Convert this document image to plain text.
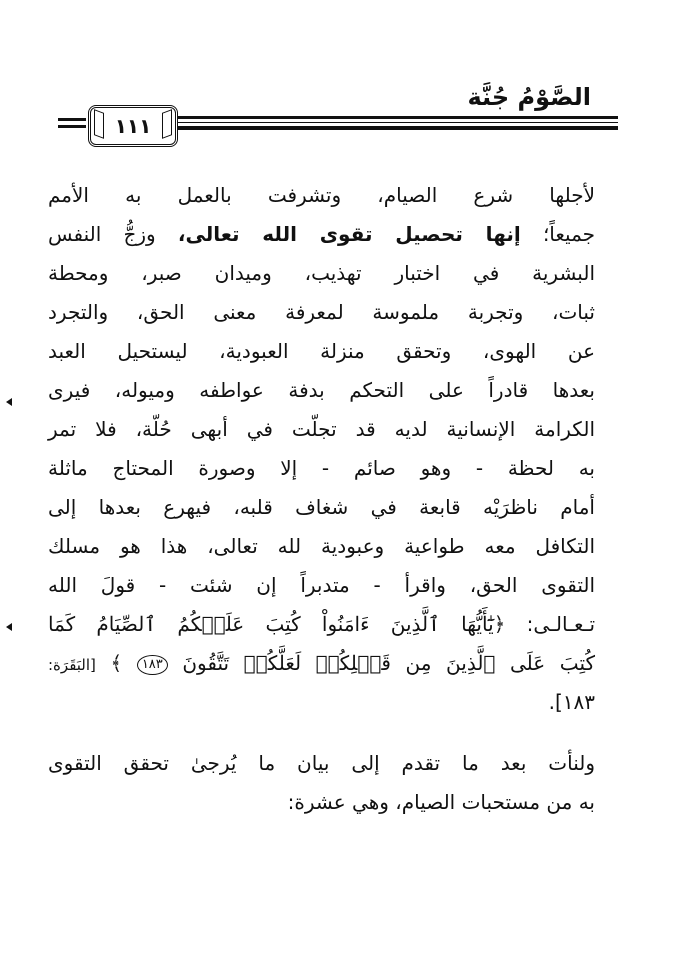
الصَّوْمُ جُنَّة
١١١
لأجلها شرع الصيام، وتشرفت بالعمل به الأمم
جميعاً؛ إنها تحصيل تقوى الله تعالى، وزجُّ النفس
البشرية في اختبار تهذيب، وميدان صبر، ومحطة
ثبات، وتجربة ملموسة لمعرفة معنى الحق، والتجرد
عن الهوى، وتحقق منزلة العبودية، ليستحيل العبد
بعدها قادراً على التحكم بدفة عواطفه وميوله، فيرى
الكرامة الإنسانية لديه قد تجلّت في أبهى حُلّة، فلا تمر
به لحظة - وهو صائم - إلا وصورة المحتاج ماثلة
أمام ناظرَيْه قابعة في شغاف قلبه، فيهرع بعدها إلى
التكافل معه طواعية وعبودية لله تعالى، هذا هو مسلك
التقوى الحق، واقرأ - متدبراً إن شئت - قولَ الله
تـعـالـى: ﴿يَٰٓأَيُّهَا ٱلَّذِينَ ءَامَنُواْ كُتِبَ عَلَيۡكُمُ ٱلصِّيَامُ كَمَا
كُتِبَ عَلَى ٱلَّذِينَ مِن قَبۡلِكُمۡ لَعَلَّكُمۡ تَتَّقُونَ ١٨٣ ﴾ [البَقَرَة:
١٨٣].
ولنأت بعد ما تقدم إلى بيان ما يُرجىٰ تحقق التقوى
به من مستحبات الصيام، وهي عشرة:
